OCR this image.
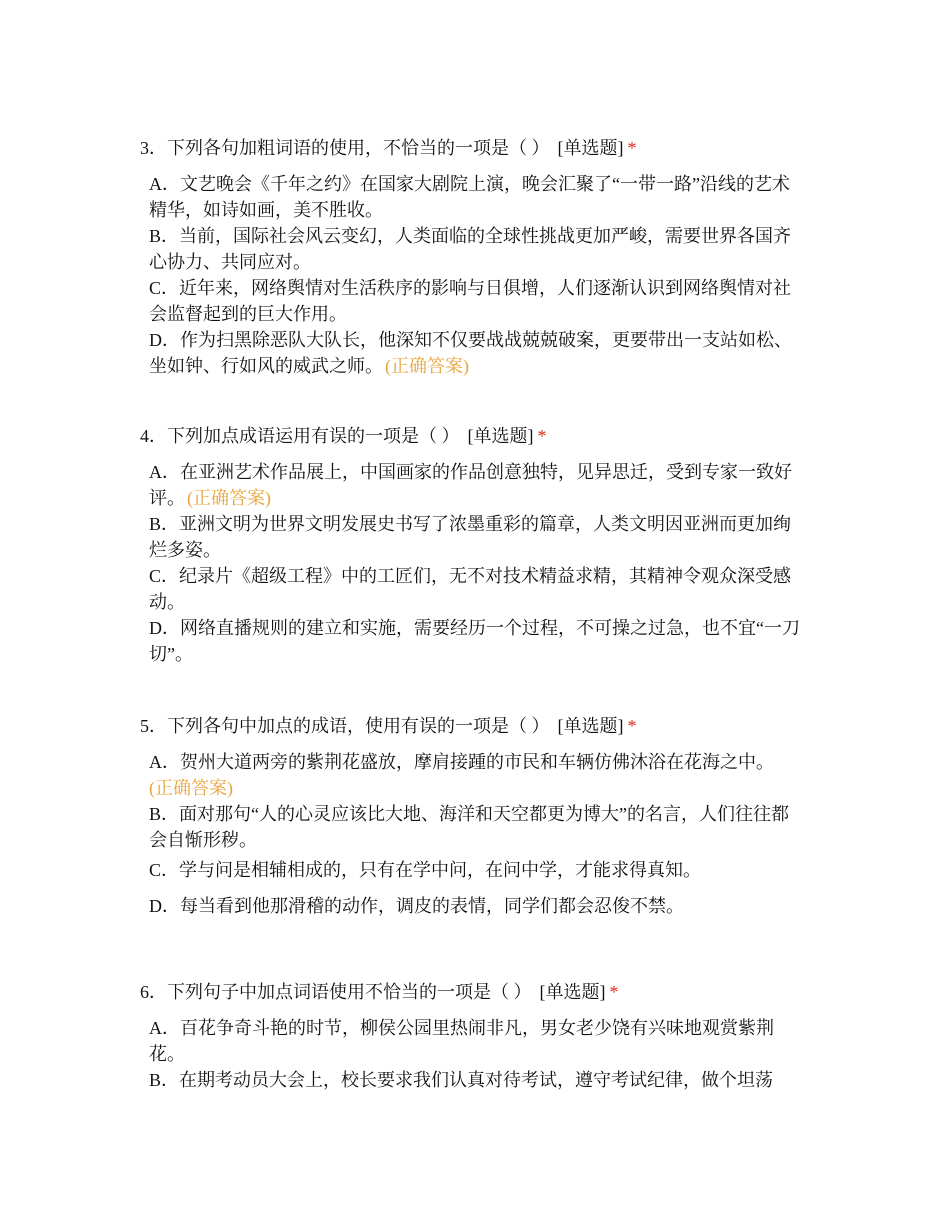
3．下列各句加粗词语的使用，不恰当的一项是（ ） [单选题] *
A．文艺晚会《千年之约》在国家大剧院上演，晚会汇聚了“一带一路”沿线的艺术精华，如诗如画，美不胜收。
B．当前，国际社会风云变幻，人类面临的全球性挑战更加严峻，需要世界各国齐心协力、共同应对。
C．近年来，网络舆情对生活秩序的影响与日俱增，人们逐渐认识到网络舆情对社会监督起到的巨大作用。
D．作为扫黑除恶队大队长，他深知不仅要战战兢兢破案，更要带出一支站如松、坐如钟、行如风的威武之师。 (正确答案)
4．下列加点成语运用有误的一项是（ ） [单选题] *
A．在亚洲艺术作品展上，中国画家的作品创意独特，见异思迁，受到专家一致好评。 (正确答案)
B．亚洲文明为世界文明发展史书写了浓墨重彩的篇章，人类文明因亚洲而更加绚烂多姿。
C．纪录片《超级工程》中的工匠们，无不对技术精益求精，其精神令观众深受感动。
D．网络直播规则的建立和实施，需要经历一个过程，不可操之过急，也不宜“一刀切”。
5．下列各句中加点的成语，使用有误的一项是（ ） [单选题] *
A．贺州大道两旁的紫荆花盛放，摩肩接踵的市民和车辆仿佛沐浴在花海之中。
(正确答案)
B．面对那句“人的心灵应该比大地、海洋和天空都更为博大”的名言，人们往往都会自惭形秽。
C．学与问是相辅相成的，只有在学中问，在问中学，才能求得真知。
D．每当看到他那滑稽的动作，调皮的表情，同学们都会忍俊不禁。
6．下列句子中加点词语使用不恰当的一项是（ ） [单选题] *
A．百花争奇斗艳的时节，柳侯公园里热闹非凡，男女老少饶有兴味地观赏紫荆花。
B．在期考动员大会上，校长要求我们认真对待考试，遵守考试纪律，做个坦荡
